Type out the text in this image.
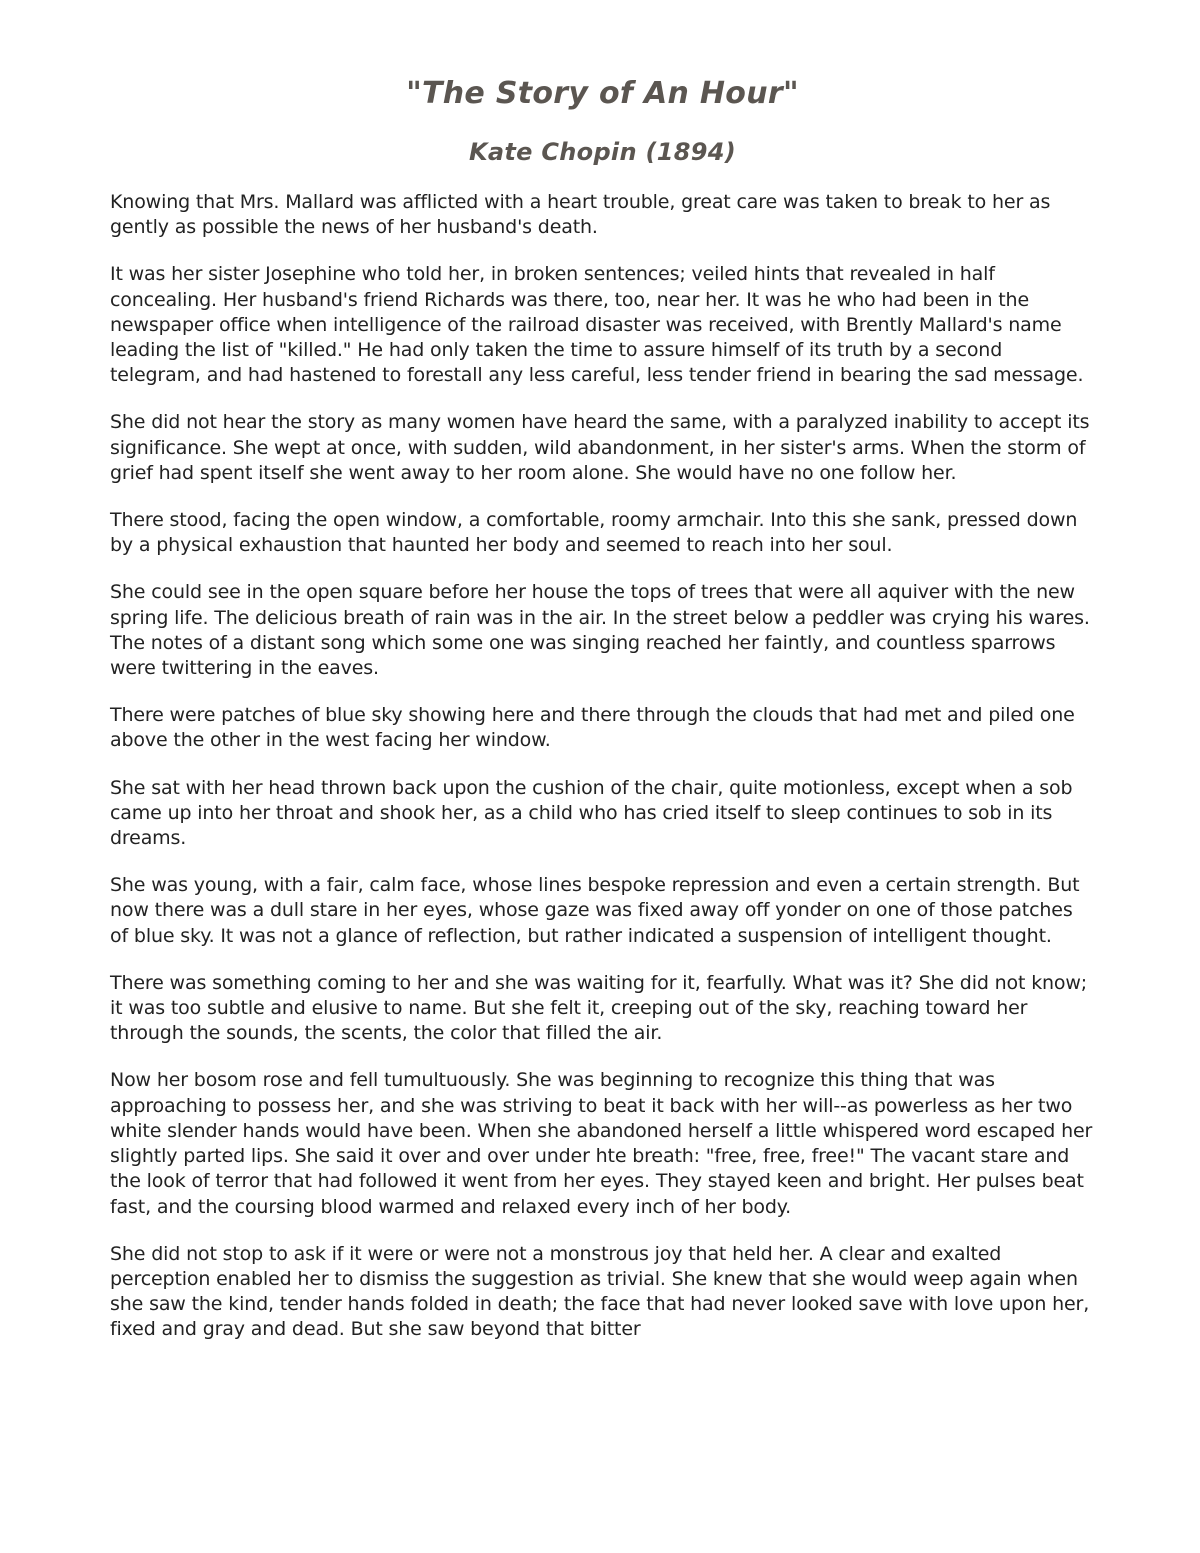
"The Story of An Hour"
Kate Chopin (1894)

Knowing that Mrs. Mallard was afflicted with a heart trouble, great care was taken to break to her as gently as possible the news of her husband's death.

It was her sister Josephine who told her, in broken sentences; veiled hints that revealed in half concealing. Her husband's friend Richards was there, too, near her. It was he who had been in the newspaper office when intelligence of the railroad disaster was received, with Brently Mallard's name leading the list of "killed." He had only taken the time to assure himself of its truth by a second telegram, and had hastened to forestall any less careful, less tender friend in bearing the sad message.

She did not hear the story as many women have heard the same, with a paralyzed inability to accept its significance. She wept at once, with sudden, wild abandonment, in her sister's arms. When the storm of grief had spent itself she went away to her room alone. She would have no one follow her.

There stood, facing the open window, a comfortable, roomy armchair. Into this she sank, pressed down by a physical exhaustion that haunted her body and seemed to reach into her soul.

She could see in the open square before her house the tops of trees that were all aquiver with the new spring life. The delicious breath of rain was in the air. In the street below a peddler was crying his wares. The notes of a distant song which some one was singing reached her faintly, and countless sparrows were twittering in the eaves.

There were patches of blue sky showing here and there through the clouds that had met and piled one above the other in the west facing her window.

She sat with her head thrown back upon the cushion of the chair, quite motionless, except when a sob came up into her throat and shook her, as a child who has cried itself to sleep continues to sob in its dreams.

She was young, with a fair, calm face, whose lines bespoke repression and even a certain strength. But now there was a dull stare in her eyes, whose gaze was fixed away off yonder on one of those patches of blue sky. It was not a glance of reflection, but rather indicated a suspension of intelligent thought.

There was something coming to her and she was waiting for it, fearfully. What was it? She did not know; it was too subtle and elusive to name. But she felt it, creeping out of the sky, reaching toward her through the sounds, the scents, the color that filled the air.

Now her bosom rose and fell tumultuously. She was beginning to recognize this thing that was approaching to possess her, and she was striving to beat it back with her will--as powerless as her two white slender hands would have been. When she abandoned herself a little whispered word escaped her slightly parted lips. She said it over and over under hte breath: "free, free, free!" The vacant stare and the look of terror that had followed it went from her eyes. They stayed keen and bright. Her pulses beat fast, and the coursing blood warmed and relaxed every inch of her body.

She did not stop to ask if it were or were not a monstrous joy that held her. A clear and exalted perception enabled her to dismiss the suggestion as trivial. She knew that she would weep again when she saw the kind, tender hands folded in death; the face that had never looked save with love upon her, fixed and gray and dead. But she saw beyond that bitter
